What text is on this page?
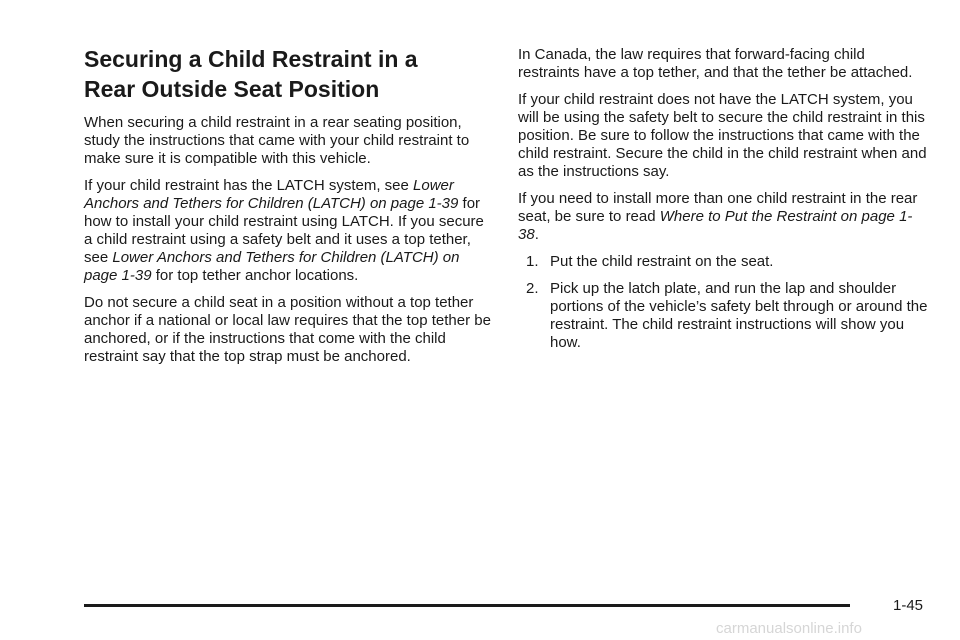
Securing a Child Restraint in a
Rear Outside Seat Position

When securing a child restraint in a rear seating position, study the instructions that came with your child restraint to make sure it is compatible with this vehicle.

If your child restraint has the LATCH system, see Lower Anchors and Tethers for Children (LATCH) on page 1-39 for how to install your child restraint using LATCH. If you secure a child restraint using a safety belt and it uses a top tether, see Lower Anchors and Tethers for Children (LATCH) on page 1-39 for top tether anchor locations.

Do not secure a child seat in a position without a top tether anchor if a national or local law requires that the top tether be anchored, or if the instructions that come with the child restraint say that the top strap must be anchored.

In Canada, the law requires that forward-facing child restraints have a top tether, and that the tether be attached.

If your child restraint does not have the LATCH system, you will be using the safety belt to secure the child restraint in this position. Be sure to follow the instructions that came with the child restraint. Secure the child in the child restraint when and as the instructions say.

If you need to install more than one child restraint in the rear seat, be sure to read Where to Put the Restraint on page 1-38.

1. Put the child restraint on the seat.
2. Pick up the latch plate, and run the lap and shoulder portions of the vehicle’s safety belt through or around the restraint. The child restraint instructions will show you how.
1-45
carmanualsonline.info
